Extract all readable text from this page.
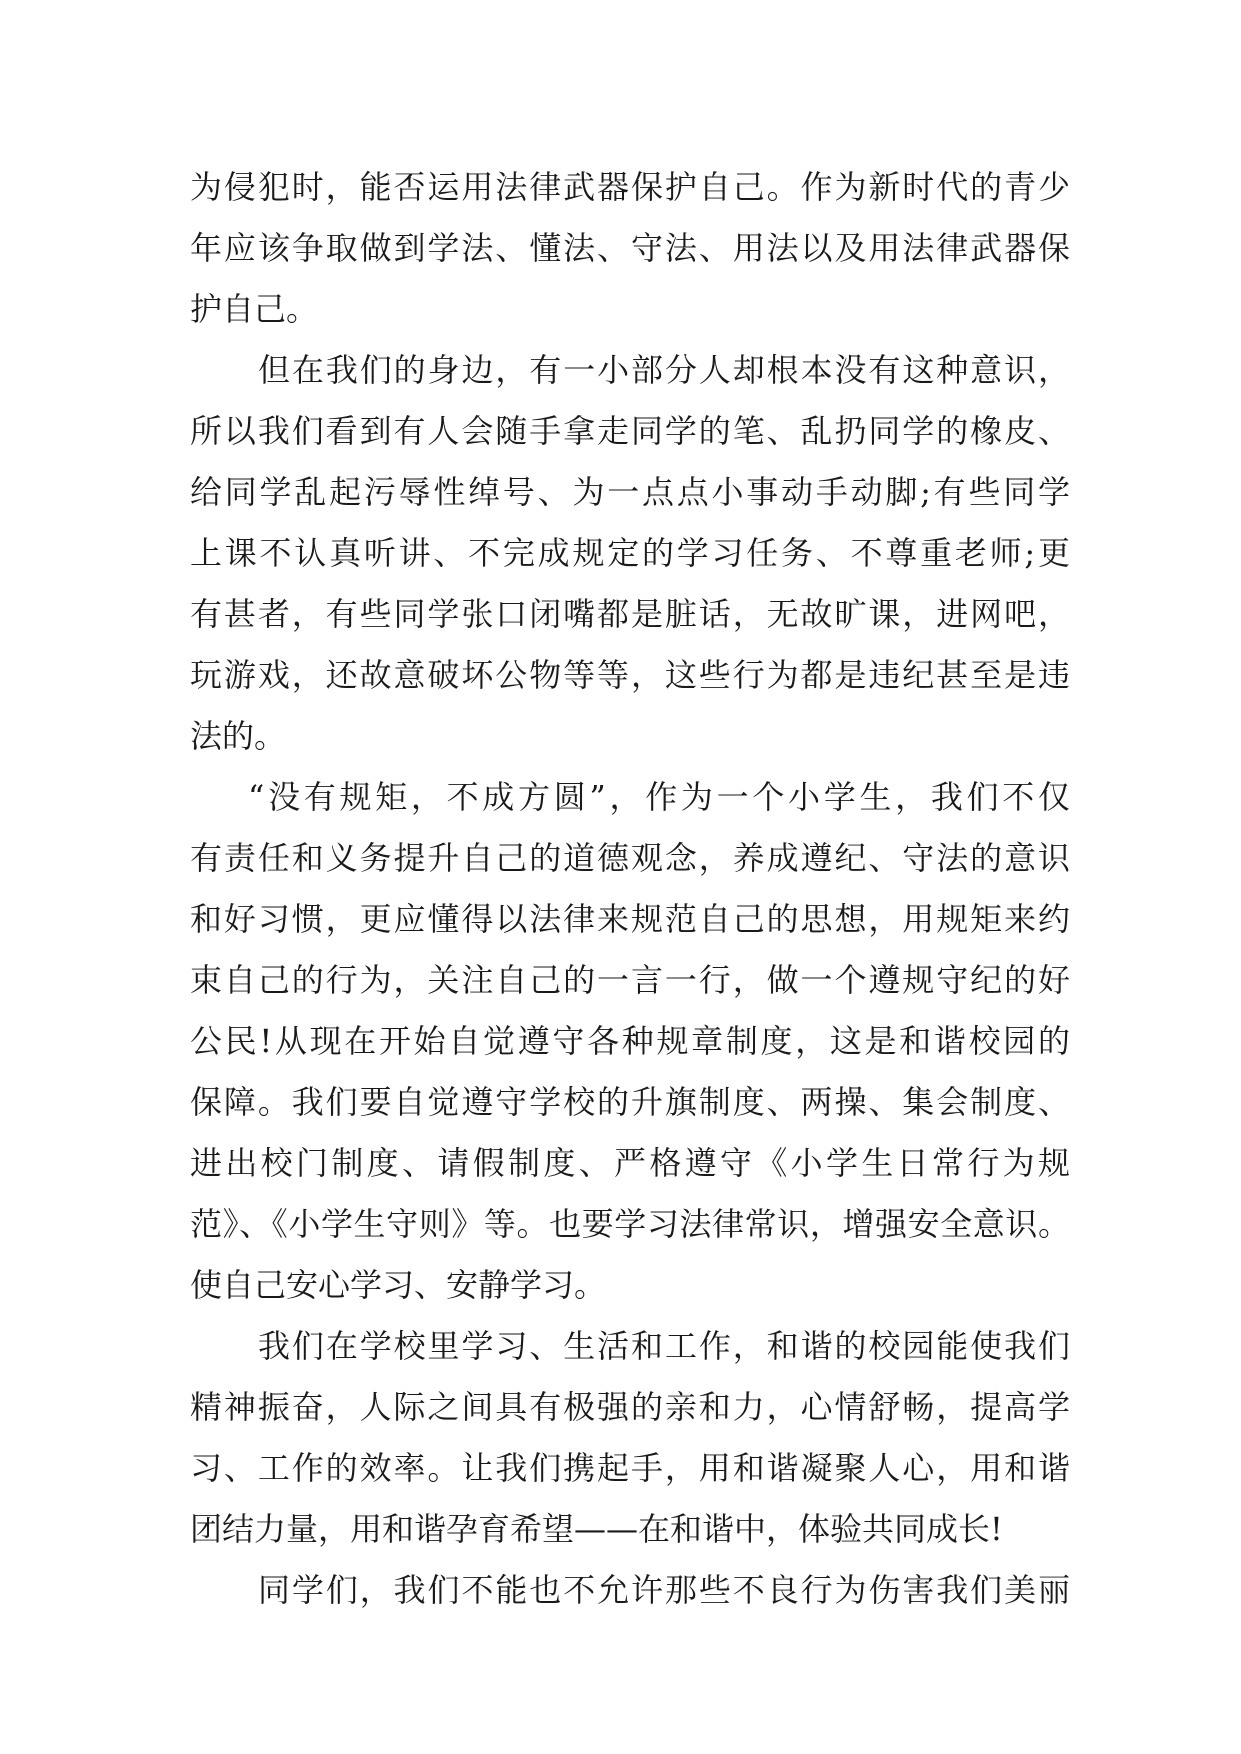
为侵犯时，能否运用法律武器保护自己。作为新时代的青少
年应该争取做到学法、懂法、守法、用法以及用法律武器保
护自己。
但在我们的身边，有一小部分人却根本没有这种意识，
所以我们看到有人会随手拿走同学的笔、乱扔同学的橡皮、
给同学乱起污辱性绰号、为一点点小事动手动脚;有些同学
上课不认真听讲、不完成规定的学习任务、不尊重老师;更
有甚者，有些同学张口闭嘴都是脏话，无故旷课，进网吧，
玩游戏，还故意破坏公物等等，这些行为都是违纪甚至是违
法的。
“没有规矩，不成方圆”，作为一个小学生，我们不仅
有责任和义务提升自己的道德观念，养成遵纪、守法的意识
和好习惯，更应懂得以法律来规范自己的思想，用规矩来约
束自己的行为，关注自己的一言一行，做一个遵规守纪的好
公民!从现在开始自觉遵守各种规章制度，这是和谐校园的
保障。我们要自觉遵守学校的升旗制度、两操、集会制度、
进出校门制度、请假制度、严格遵守《小学生日常行为规
范》、《小学生守则》等。也要学习法律常识，增强安全意识。
使自己安心学习、安静学习。
我们在学校里学习、生活和工作，和谐的校园能使我们
精神振奋，人际之间具有极强的亲和力，心情舒畅，提高学
习、工作的效率。让我们携起手，用和谐凝聚人心，用和谐
团结力量，用和谐孕育希望——在和谐中，体验共同成长!
同学们，我们不能也不允许那些不良行为伤害我们美丽
